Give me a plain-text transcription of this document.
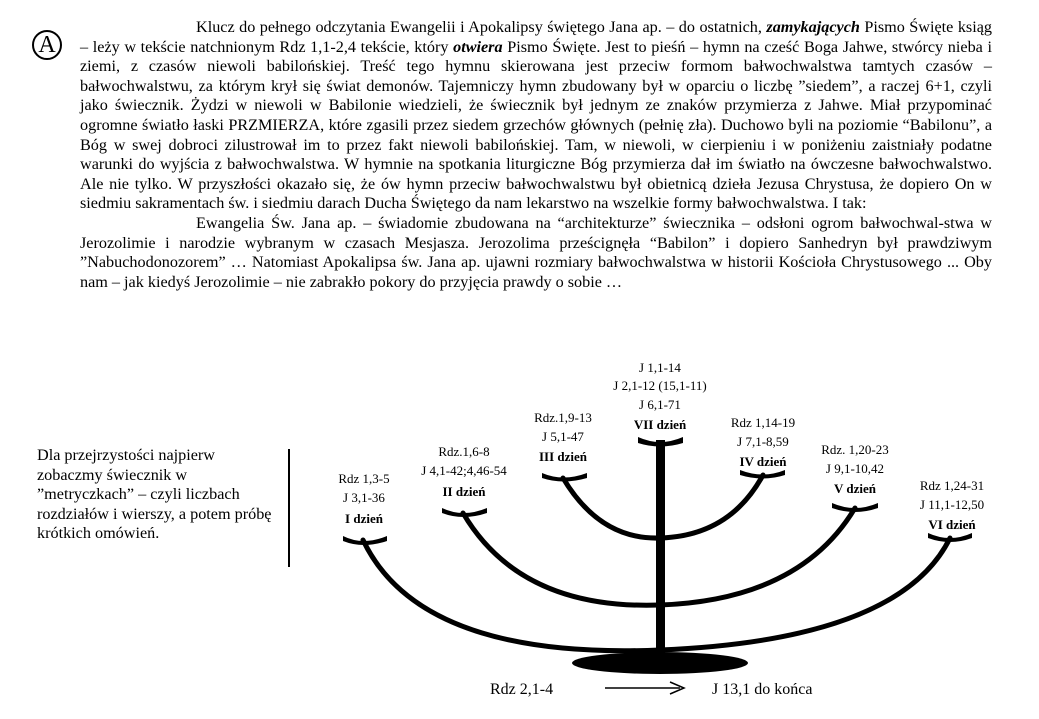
A

Klucz do pełnego odczytania Ewangelii i Apokalipsy świętego Jana ap. – do ostatnich, zamykających Pismo Święte ksiąg – leży w tekście natchnionym Rdz 1,1-2,4 tekście, który otwiera Pismo Święte. Jest to pieśń – hymn na cześć Boga Jahwe, stwórcy nieba i ziemi, z czasów niewoli babilońskiej. Treść tego hymnu skierowana jest przeciw formom bałwochwalstwa tamtych czasów – bałwochwalstwu, za którym krył się świat demonów. Tajemniczy hymn zbudowany był w oparciu o liczbę ”siedem”, a raczej 6+1, czyli jako świecznik. Żydzi w niewoli w Babilonie wiedzieli, że świecznik był jednym ze znaków przymierza z Jahwe. Miał przypominać ogromne światło łaski PRZMIERZA, które zgasili przez siedem grzechów głównych (pełnię zła). Duchowo byli na poziomie “Babilonu”, a Bóg w swej dobroci zilustrował im to przez fakt niewoli babilońskiej. Tam, w niewoli, w cierpieniu i w poniżeniu zaistniały podatne warunki do wyjścia z bałwochwalstwa. W hymnie na spotkania liturgiczne Bóg przymierza dał im światło na ówczesne bałwochwalstwo. Ale nie tylko. W przyszłości okazało się, że ów hymn przeciw bałwochwalstwu był obietnicą dzieła Jezusa Chrystusa, że dopiero On w siedmiu sakramentach św. i siedmiu darach Ducha Świętego da nam lekarstwo na wszelkie formy bałwochwalstwa. I tak:

Ewangelia Św. Jana ap. – świadomie zbudowana na “architekturze” świecznika – odsłoni ogrom bałwochwal-stwa w Jerozolimie i narodzie wybranym w czasach Mesjasza. Jerozolima prześcignęła “Babilon” i dopiero Sanhedryn był prawdziwym ”Nabuchodonozorem” … Natomiast Apokalipsa św. Jana ap. ujawni rozmiary bałwochwalstwa w historii Kościoła Chrystusowego ... Oby nam – jak kiedyś Jerozolimie – nie zabrakło pokory do przyjęcia prawdy o sobie …

Dla przejrzystości najpierw zobaczmy świecznik w ”metryczkach” – czyli liczbach rozdziałów i wierszy, a potem próbę krótkich omówień.
Rdz 1,3-5
J 3,1-36
I dzień
Rdz.1,6-8
J 4,1-42;4,46-54
II dzień
Rdz.1,9-13
J 5,1-47
III dzień
Rdz 1,14-19
J 7,1-8,59
IV dzień
Rdz. 1,20-23
J 9,1-10,42
V dzień	Rdz 1,24-31
J 11,1-12,50
VI dzień
J 1,1-14
J 2,1-12 (15,1-11)
J 6,1-71
VII dzień
Rdz 2,1-4	J 13,1 do końca
